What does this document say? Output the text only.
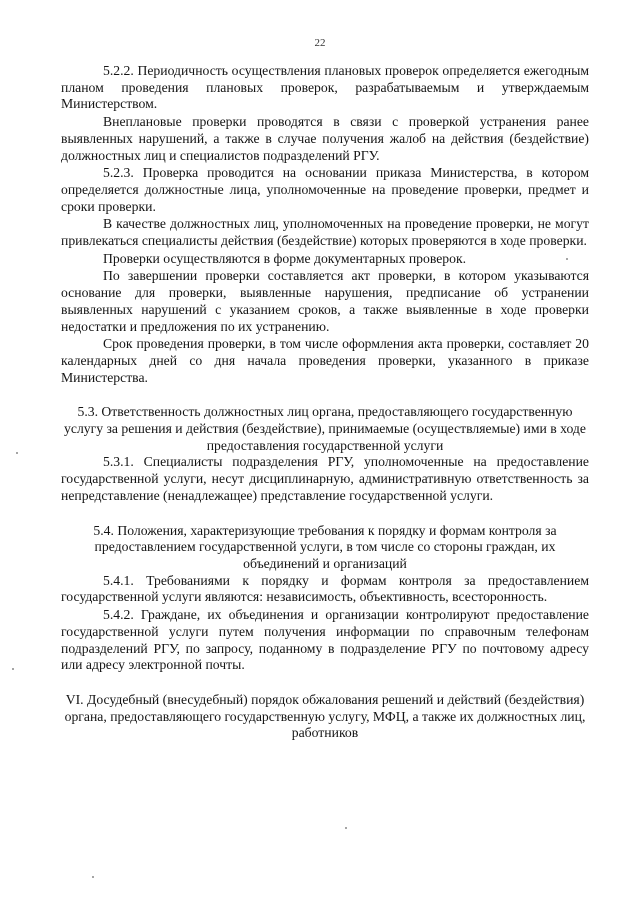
22

5.2.2. Периодичность осуществления плановых проверок определяется ежегодным планом проведения плановых проверок, разрабатываемым и утверждаемым Министерством.

Внеплановые проверки проводятся в связи с проверкой устранения ранее выявленных нарушений, а также в случае получения жалоб на действия (бездействие) должностных лиц и специалистов подразделений РГУ.

5.2.3. Проверка проводится на основании приказа Министерства, в котором определяется должностные лица, уполномоченные на проведение проверки, предмет и сроки проверки.

В качестве должностных лиц, уполномоченных на проведение проверки, не могут привлекаться специалисты действия (бездействие) которых проверяются в ходе проверки.

Проверки осуществляются в форме документарных проверок.

По завершении проверки составляется акт проверки, в котором указываются основание для проверки, выявленные нарушения, предписание об устранении выявленных нарушений с указанием сроков, а также выявленные в ходе проверки недостатки и предложения по их устранению.

Срок проведения проверки, в том числе оформления акта проверки, составляет 20 календарных дней со дня начала проведения проверки, указанного в приказе Министерства.

5.3. Ответственность должностных лиц органа, предоставляющего государственную услугу за решения и действия (бездействие), принимаемые (осуществляемые) ими в ходе предоставления государственной услуги

5.3.1. Специалисты подразделения РГУ, уполномоченные на предоставление государственной услуги, несут дисциплинарную, административную ответственность за непредставление (ненадлежащее) представление государственной услуги.

5.4. Положения, характеризующие требования к порядку и формам контроля за предоставлением государственной услуги, в том числе со стороны граждан, их объединений и организаций

5.4.1. Требованиями к порядку и формам контроля за предоставлением государственной услуги являются: независимость, объективность, всесторонность.

5.4.2. Граждане, их объединения и организации контролируют предоставление государственной услуги путем получения информации по справочным телефонам подразделений РГУ, по запросу, поданному в подразделение РГУ по почтовому адресу или адресу электронной почты.

VI. Досудебный (внесудебный) порядок обжалования решений и действий (бездействия) органа, предоставляющего государственную услугу, МФЦ, а также их должностных лиц, работников
